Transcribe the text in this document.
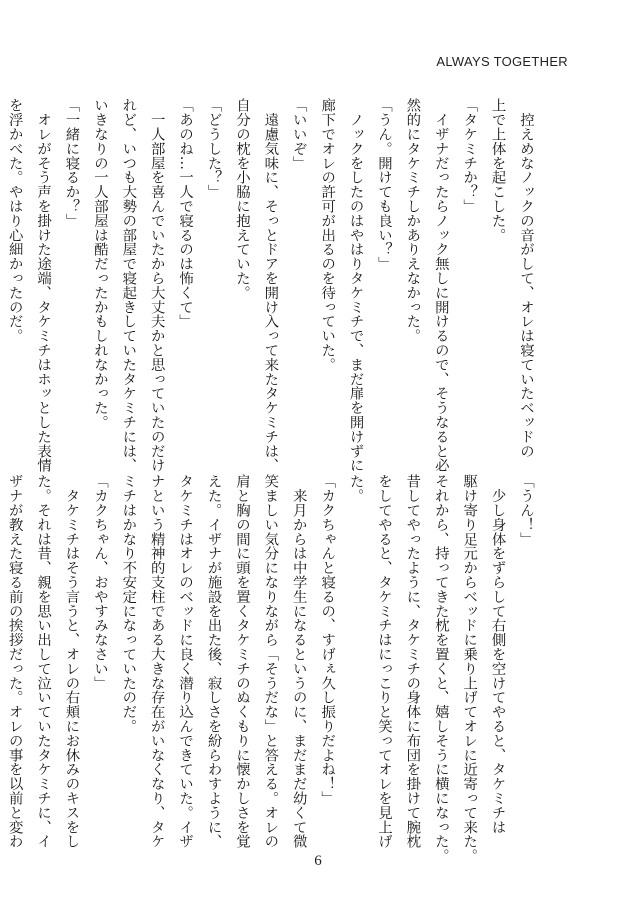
ALWAYS TOGETHER

　控えめなノックの音がして、オレは寝ていたベッドの

上で上体を起こした。

「タケミチか？」

　イザナだったらノック無しに開けるので、そうなると必

然的にタケミチしかありえなかった。

「うん。開けても良い？」

　ノックをしたのはやはりタケミチで、まだ扉を開けずに

廊下でオレの許可が出るのを待っていた。

「いいぞ」

　遠慮気味に、そっとドアを開け入って来たタケミチは、

自分の枕を小脇に抱えていた。

「どうした？」

「あのね…一人で寝るのは怖くて」

　一人部屋を喜んでいたから大丈夫かと思っていたのだけ

れど、いつも大勢の部屋で寝起きしていたタケミチには、

いきなりの一人部屋は酷だったかもしれなかった。

「一緒に寝るか？」

　オレがそう声を掛けた途端、タケミチはホッとした表情

を浮かべた。やはり心細かったのだ。

「うん！」

　少し身体をずらして右側を空けてやると、タケミチは

駆け寄り足元からベッドに乗り上げてオレに近寄って来た。

それから、持ってきた枕を置くと、嬉しそうに横になった。

昔してやったように、タケミチの身体に布団を掛けて腕枕

をしてやると、タケミチはにっこりと笑ってオレを見上げ

た。

「カクちゃんと寝るの、すげぇ久し振りだよね！」

　来月からは中学生になるというのに、まだまだ幼くて微

笑ましい気分になりながら「そうだな」と答える。オレの

肩と胸の間に頭を置くタケミチのぬくもりに懐かしさを覚

えた。イザナが施設を出た後、寂しさを紛らわすように、

タケミチはオレのベッドに良く潜り込んできていた。イザ

ナという精神的支柱である大きな存在がいなくなり、タケ

ミチはかなり不安定になっていたのだ。

「カクちゃん、おやすみなさい」

　タケミチはそう言うと、オレの右頬にお休みのキスをし

た。それは昔、親を思い出して泣いていたタケミチに、イ

ザナが教えた寝る前の挨拶だった。オレの事を以前と変わ

6
